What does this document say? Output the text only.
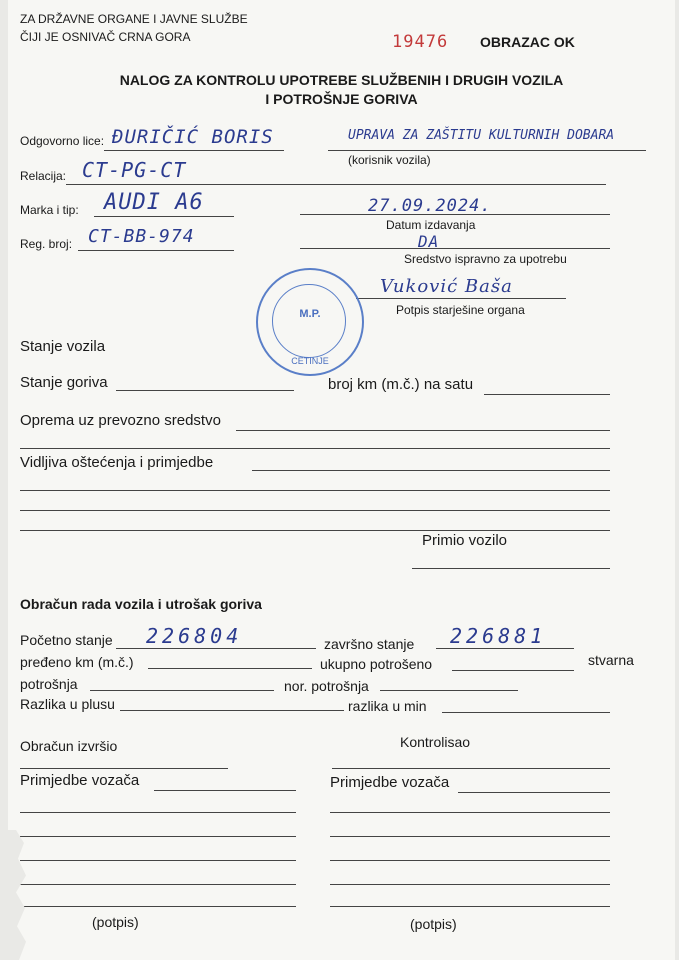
ZA DRŽAVNE ORGANE I JAVNE SLUŽBE
ČIJI JE OSNIVAČ CRNA GORA	19476 OBRAZAC OK
NALOG ZA KONTROLU UPOTREBE SLUŽBENIH I DRUGIH VOZILA
I POTROŠNJE GORIVA
Odgovorno lice: ĐURIČIĆ BORIS	UPRAVA ZA ZAŠTITU KULTURNIH DOBARA
(korisnik vozila)
Relacija: CT-PG-CT
Marka i tip: AUDI A6	27.09.2024.
Datum izdavanja
Reg. broj: CT-BB-974	DA
Sredstvo ispravno za upotrebu
Vuković Baša
Potpis starješine organa
M.P.
CETINJE
Stanje vozila
Stanje goriva	broj km (m.č.) na satu
Oprema uz prevozno sredstvo
Vidljiva oštećenja i primjedbe
Primio vozilo
Obračun rada vozila i utrošak goriva
Početno stanje 226804	završno stanje 226881
pređeno km (m.č.)	ukupno potrošeno	stvarna
potrošnja	nor. potrošnja
Razlika u plusu	razlika u min
Obračun izvršio	Kontrolisao
Primjedbe vozača	Primjedbe vozača
(potpis)	(potpis)
